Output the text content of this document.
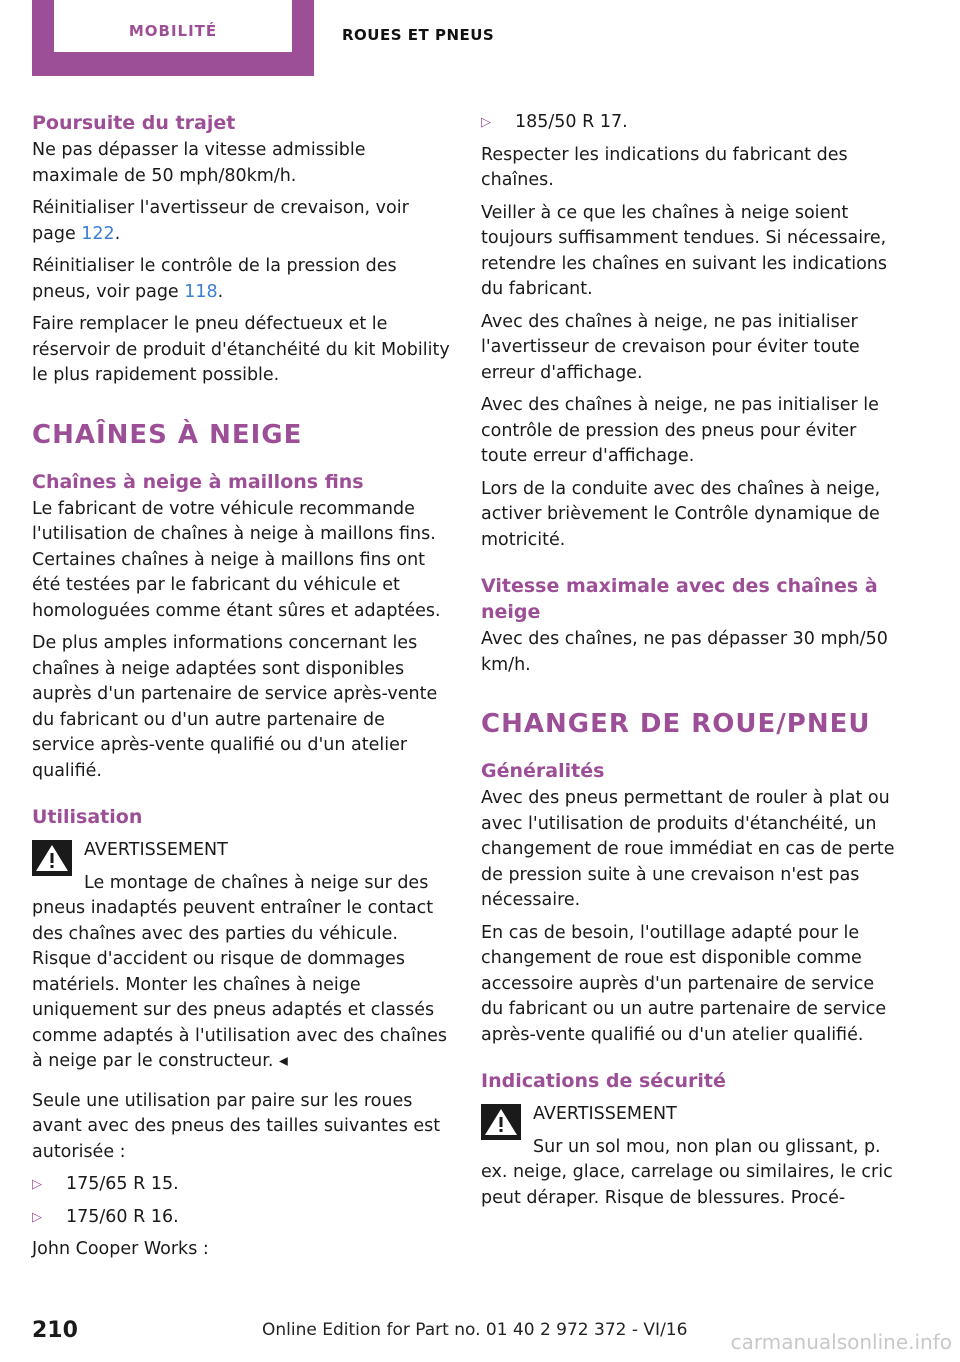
MOBILITÉ	ROUES ET PNEUS
Poursuite du trajet

Ne pas dépasser la vitesse admissible maximale de 50 mph/80km/h.

Réinitialiser l'avertisseur de crevaison, voir page 122.

Réinitialiser le contrôle de la pression des pneus, voir page 118.

Faire remplacer le pneu défectueux et le réservoir de produit d'étanchéité du kit Mobility le plus rapidement possible.

CHAÎNES À NEIGE
Chaînes à neige à maillons fins

Le fabricant de votre véhicule recommande l'utilisation de chaînes à neige à maillons fins. Certaines chaînes à neige à maillons fins ont été testées par le fabricant du véhicule et homologuées comme étant sûres et adaptées.

De plus amples informations concernant les chaînes à neige adaptées sont disponibles auprès d'un partenaire de service après-vente du fabricant ou d'un autre partenaire de service après-vente qualifié ou d'un atelier qualifié.

Utilisation
AVERTISSEMENT

Le montage de chaînes à neige sur des pneus inadaptés peuvent entraîner le contact des chaînes avec des parties du véhicule. Risque d'accident ou risque de dommages matériels. Monter les chaînes à neige uniquement sur des pneus adaptés et classés comme adaptés à l'utilisation avec des chaînes à neige par le constructeur. ◂

Seule une utilisation par paire sur les roues avant avec des pneus des tailles suivantes est autorisée :

▷ 175/65 R 15.
▷ 175/60 R 16.

John Cooper Works :

▷ 185/50 R 17.

Respecter les indications du fabricant des chaînes.

Veiller à ce que les chaînes à neige soient toujours suffisamment tendues. Si nécessaire, retendre les chaînes en suivant les indications du fabricant.

Avec des chaînes à neige, ne pas initialiser l'avertisseur de crevaison pour éviter toute erreur d'affichage.

Avec des chaînes à neige, ne pas initialiser le contrôle de pression des pneus pour éviter toute erreur d'affichage.

Lors de la conduite avec des chaînes à neige, activer brièvement le Contrôle dynamique de motricité.

Vitesse maximale avec des chaînes à neige

Avec des chaînes, ne pas dépasser 30 mph/50 km/h.

CHANGER DE ROUE/PNEU
Généralités

Avec des pneus permettant de rouler à plat ou avec l'utilisation de produits d'étanchéité, un changement de roue immédiat en cas de perte de pression suite à une crevaison n'est pas nécessaire.

En cas de besoin, l'outillage adapté pour le changement de roue est disponible comme accessoire auprès d'un partenaire de service du fabricant ou un autre partenaire de service après-vente qualifié ou d'un atelier qualifié.

Indications de sécurité
AVERTISSEMENT

Sur un sol mou, non plan ou glissant, p. ex. neige, glace, carrelage ou similaires, le cric peut déraper. Risque de blessures. Procé-

210	Online Edition for Part no. 01 40 2 972 372 - VI/16 carmanualsonline.info
